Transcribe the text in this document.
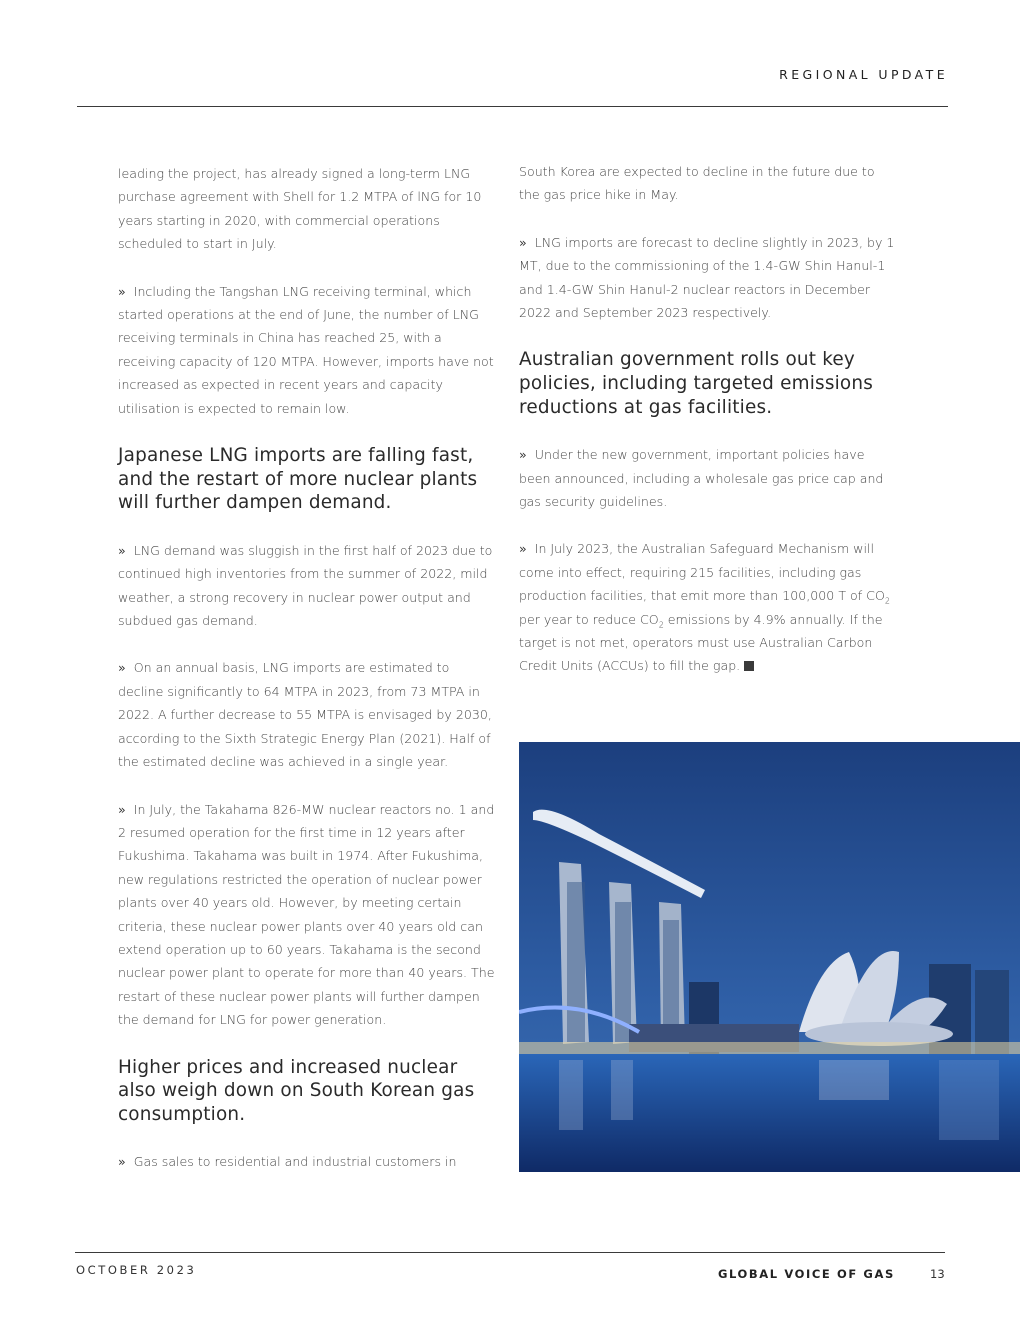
REGIONAL UPDATE

leading the project, has already signed a long-term LNG purchase agreement with Shell for 1.2 MTPA of lNG for 10 years starting in 2020, with commercial operations scheduled to start in July.

» Including the Tangshan LNG receiving terminal, which started operations at the end of June, the number of LNG receiving terminals in China has reached 25, with a receiving capacity of 120 MTPA. However, imports have not increased as expected in recent years and capacity utilisation is expected to remain low.

Japanese LNG imports are falling fast, and the restart of more nuclear plants will further dampen demand.

» LNG demand was sluggish in the first half of 2023 due to continued high inventories from the summer of 2022, mild weather, a strong recovery in nuclear power output and subdued gas demand.

» On an annual basis, LNG imports are estimated to decline significantly to 64 MTPA in 2023, from 73 MTPA in 2022. A further decrease to 55 MTPA is envisaged by 2030, according to the Sixth Strategic Energy Plan (2021). Half of the estimated decline was achieved in a single year.

» In July, the Takahama 826-MW nuclear reactors no. 1 and 2 resumed operation for the first time in 12 years after Fukushima. Takahama was built in 1974. After Fukushima, new regulations restricted the operation of nuclear power plants over 40 years old. However, by meeting certain criteria, these nuclear power plants over 40 years old can extend operation up to 60 years. Takahama is the second nuclear power plant to operate for more than 40 years. The restart of these nuclear power plants will further dampen the demand for LNG for power generation.

Higher prices and increased nuclear also weigh down on South Korean gas consumption.

» Gas sales to residential and industrial customers in

South Korea are expected to decline in the future due to the gas price hike in May.

» LNG imports are forecast to decline slightly in 2023, by 1 MT, due to the commissioning of the 1.4-GW Shin Hanul-1 and 1.4-GW Shin Hanul-2 nuclear reactors in December 2022 and September 2023 respectively.

Australian government rolls out key policies, including targeted emissions reductions at gas facilities.

» Under the new government, important policies have been announced, including a wholesale gas price cap and gas security guidelines.

» In July 2023, the Australian Safeguard Mechanism will come into effect, requiring 215 facilities, including gas production facilities, that emit more than 100,000 T of $CO_2$ per year to reduce $CO_2$ emissions by 4.9% annually. If the target is not met, operators must use Australian Carbon Credit Units (ACCUs) to fill the gap.

OCTOBER 2023	GLOBAL VOICE OF GAS	13
